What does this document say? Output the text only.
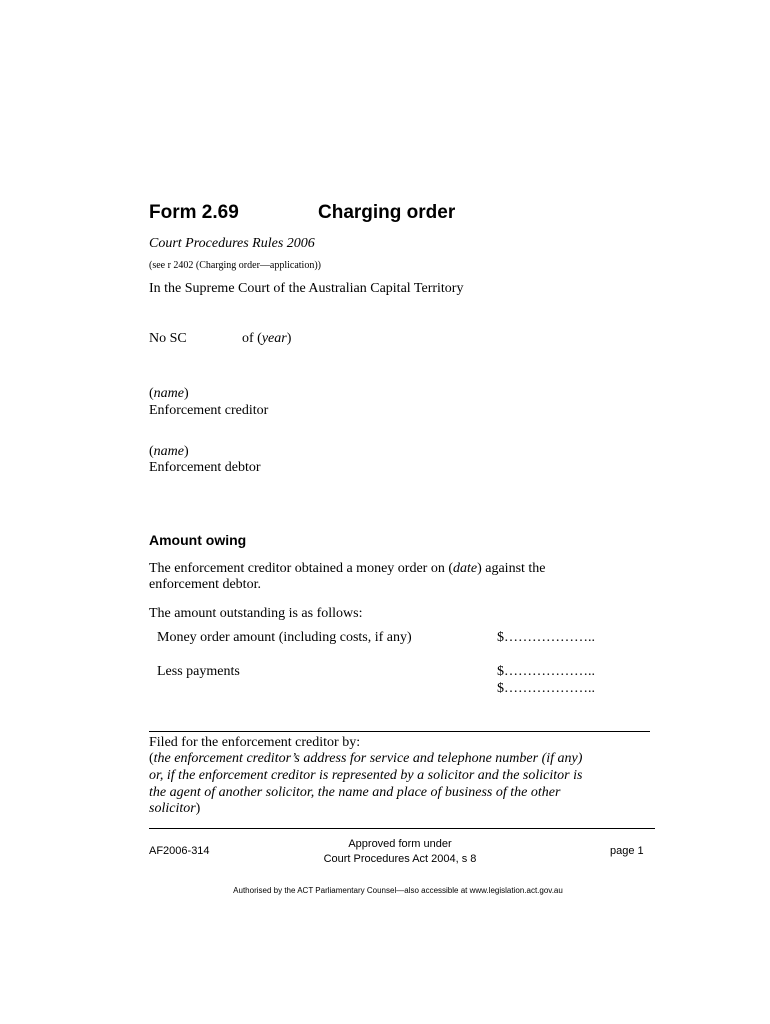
Form 2.69	Charging order
Court Procedures Rules 2006
(see r 2402 (Charging order—application))
In the Supreme Court of the Australian Capital Territory
No SC	of (year)
(name)
Enforcement creditor
(name)
Enforcement debtor
Amount owing
The enforcement creditor obtained a money order on (date) against the
enforcement debtor.
The amount outstanding is as follows:
Money order amount (including costs, if any)	$………………..
Less payments	$………………..
$………………..
Filed for the enforcement creditor by:
(the enforcement creditor’s address for service and telephone number (if any)
or, if the enforcement creditor is represented by a solicitor and the solicitor is
the agent of another solicitor, the name and place of business of the other
solicitor)
AF2006-314
Approved form under
Court Procedures Act 2004, s 8
page 1
Authorised by the ACT Parliamentary Counsel—also accessible at www.legislation.act.gov.au
